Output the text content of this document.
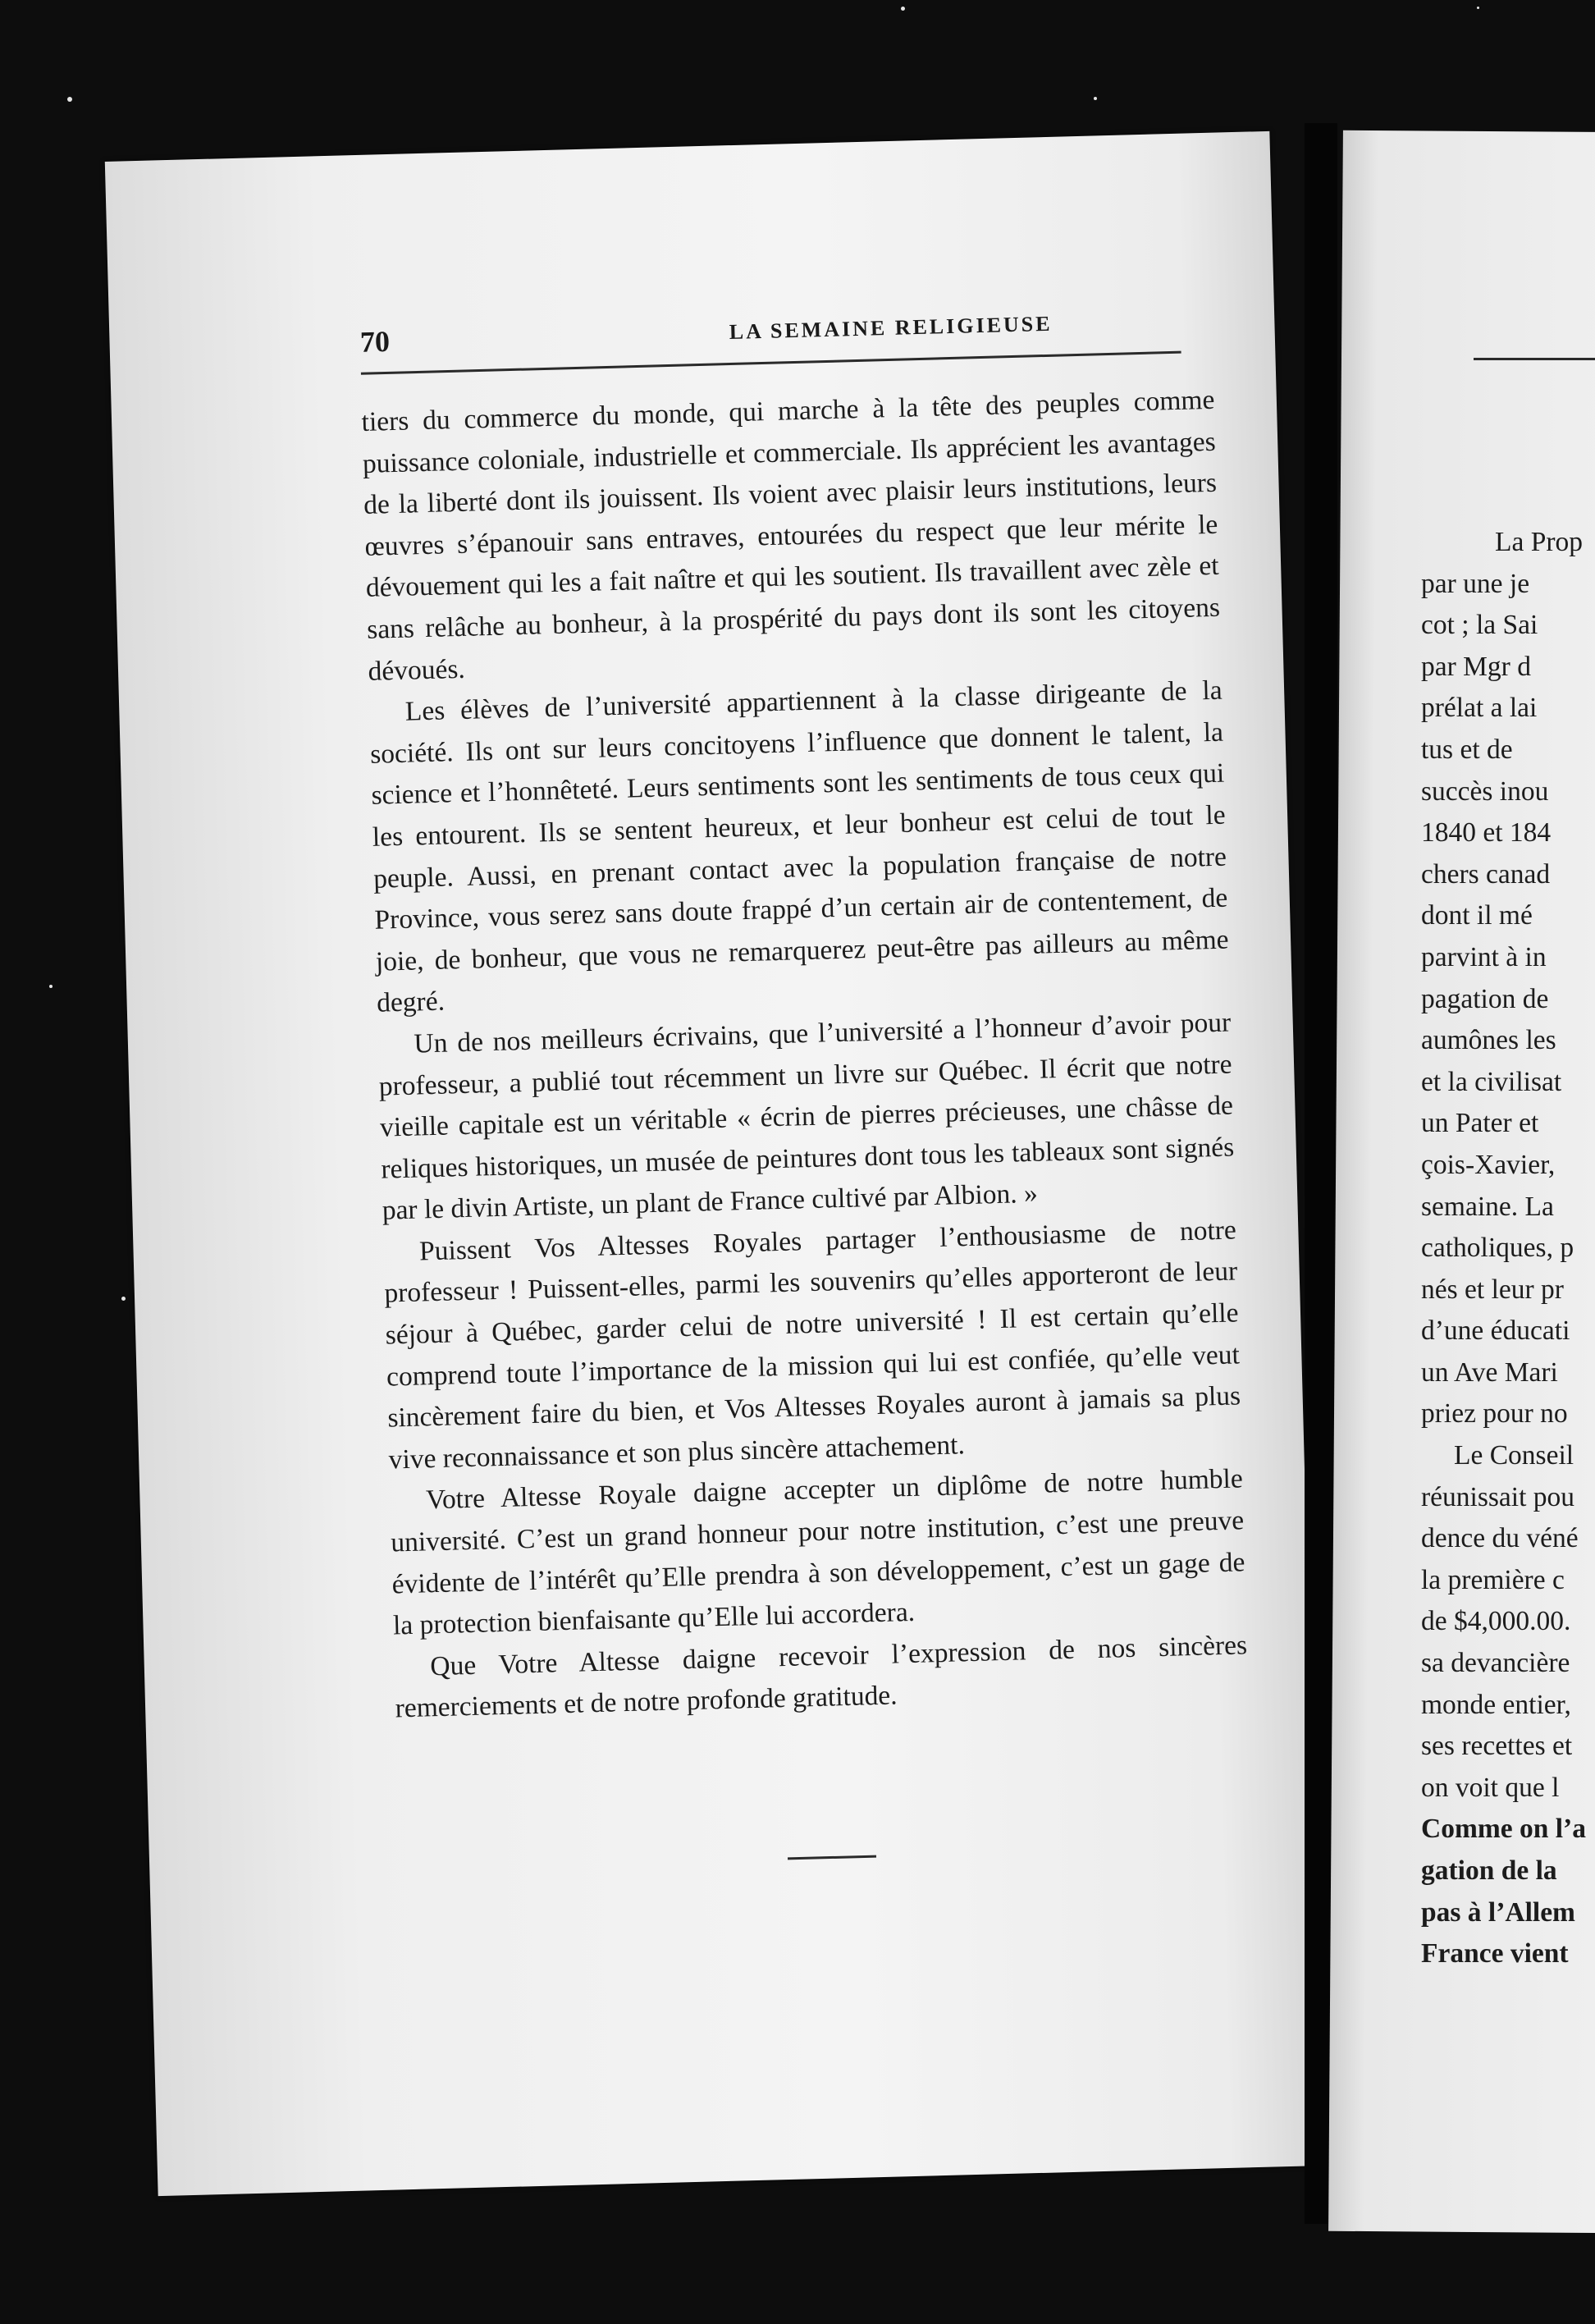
70	LA SEMAINE RELIGIEUSE

tiers du commerce du monde, qui marche à la tête des peuples comme puissance coloniale, industrielle et commerciale. Ils apprécient les avantages de la liberté dont ils jouissent. Ils voient avec plaisir leurs institutions, leurs œuvres s’épanouir sans entraves, entourées du respect que leur mérite le dévouement qui les a fait naître et qui les soutient. Ils travaillent avec zèle et sans relâche au bonheur, à la prospérité du pays dont ils sont les citoyens dévoués.

Les élèves de l’université appartiennent à la classe dirigeante de la société. Ils ont sur leurs concitoyens l’influence que donnent le talent, la science et l’honnêteté. Leurs sentiments sont les sentiments de tous ceux qui les entourent. Ils se sentent heureux, et leur bonheur est celui de tout le peuple. Aussi, en prenant contact avec la population française de notre Province, vous serez sans doute frappé d’un certain air de contentement, de joie, de bonheur, que vous ne remarquerez peut-être pas ailleurs au même degré.

Un de nos meilleurs écrivains, que l’université a l’honneur d’avoir pour professeur, a publié tout récemment un livre sur Québec. Il écrit que notre vieille capitale est un véritable « écrin de pierres précieuses, une châsse de reliques historiques, un musée de peintures dont tous les tableaux sont signés par le divin Artiste, un plant de France cultivé par Albion. »

Puissent Vos Altesses Royales partager l’enthousiasme de notre professeur ! Puissent-elles, parmi les souvenirs qu’elles apporteront de leur séjour à Québec, garder celui de notre université ! Il est certain qu’elle comprend toute l’importance de la mission qui lui est confiée, qu’elle veut sincèrement faire du bien, et Vos Altesses Royales auront à jamais sa plus vive reconnaissance et son plus sincère attachement.

Votre Altesse Royale daigne accepter un diplôme de notre humble université. C’est un grand honneur pour notre institution, c’est une preuve évidente de l’intérêt qu’Elle prendra à son développement, c’est un gage de la protection bienfaisante qu’Elle lui accordera.

Que Votre Altesse daigne recevoir l’expression de nos sincères remerciements et de notre profonde gratitude.

La Prop
par une je
cot ; la Sai
par Mgr d
prélat a lai
tus et de
succès inou
1840 et 184
chers canad
dont il mé
parvint à in
pagation de
aumônes les
et la civilisat
un Pater et
çois-Xavier,
semaine. La
catholiques, p
nés et leur pr
d’une éducati
un Ave Mari
priez pour no
Le Conseil
réunissait pou
dence du véné
la première c
de $4,000.00.
sa devancière
monde entier,
ses recettes et
on voit que l
Comme on l’a
gation de la
pas à l’Allem
France vient
